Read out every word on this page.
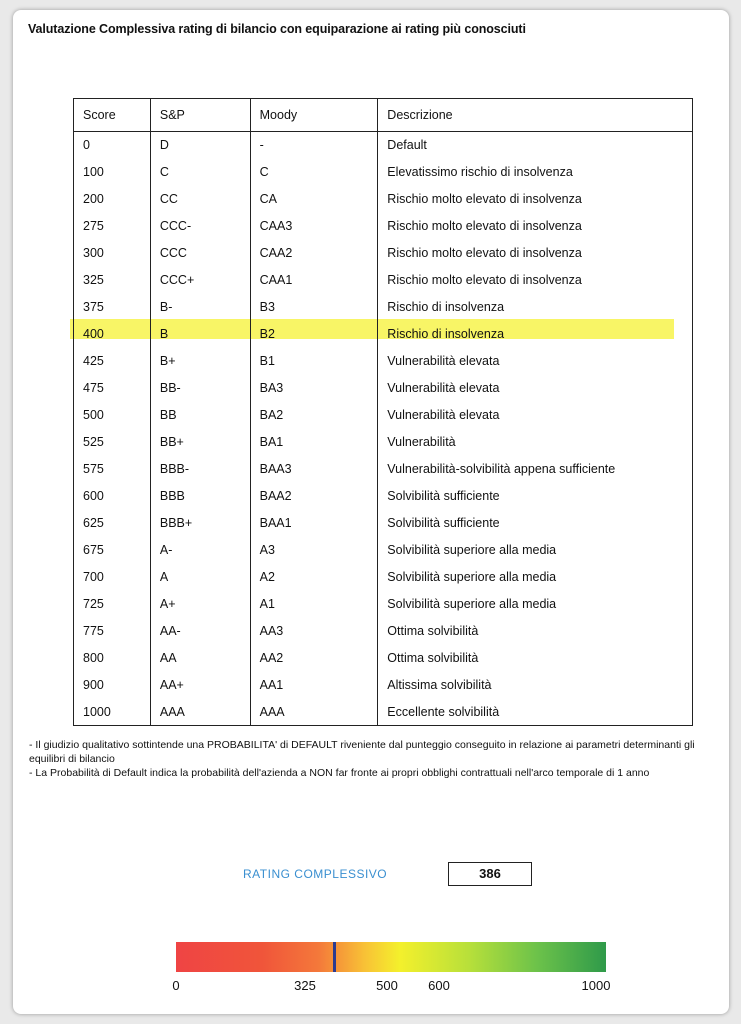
Valutazione Complessiva rating di bilancio con equiparazione ai rating più conosciuti
Score	S&P	Moody	Descrizione
0	D	-	Default
100	C	C	Elevatissimo rischio di insolvenza
200	CC	CA	Rischio molto elevato di insolvenza
275	CCC-	CAA3	Rischio molto elevato di insolvenza
300	CCC	CAA2	Rischio molto elevato di insolvenza
325	CCC+	CAA1	Rischio molto elevato di insolvenza
375	B-	B3	Rischio di insolvenza
400	B	B2	Rischio di insolvenza
425	B+	B1	Vulnerabilità elevata
475	BB-	BA3	Vulnerabilità elevata
500	BB	BA2	Vulnerabilità elevata
525	BB+	BA1	Vulnerabilità
575	BBB-	BAA3	Vulnerabilità-solvibilità appena sufficiente
600	BBB	BAA2	Solvibilità sufficiente
625	BBB+	BAA1	Solvibilità sufficiente
675	A-	A3	Solvibilità superiore alla media
700	A	A2	Solvibilità superiore alla media
725	A+	A1	Solvibilità superiore alla media
775	AA-	AA3	Ottima solvibilità
800	AA	AA2	Ottima solvibilità
900	AA+	AA1	Altissima solvibilità
1000	AAA	AAA	Eccellente solvibilità

- Il giudizio qualitativo sottintende una PROBABILITA' di DEFAULT riveniente dal punteggio conseguito in relazione ai parametri determinanti gli equilibri di bilancio

- La Probabilità di Default indica la probabilità dell'azienda a NON far fronte ai propri obblighi contrattuali nell'arco temporale di 1 anno

RATING COMPLESSIVO	386
0	325	500 600	1000
